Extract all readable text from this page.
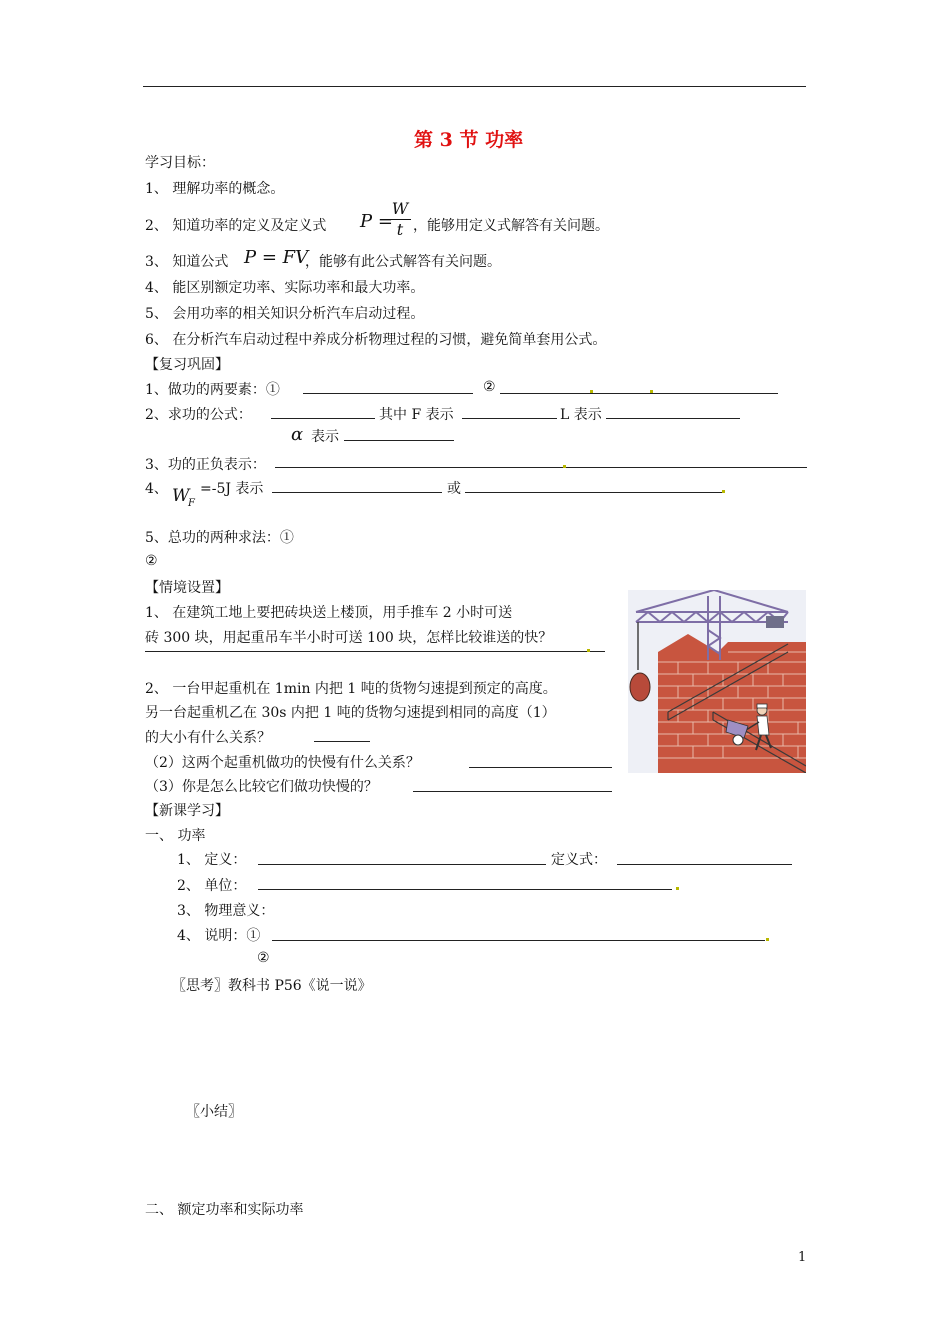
第 3 节 功率
学习目标：
1、 理解功率的概念。
2、 知道功率的定义及定义式 P =
W
t ，能够用定义式解答有关问题。
3、 知道公式 P = FV
，能够有此公式解答有关问题。
4、 能区别额定功率、实际功率和最大功率。
5、 会用功率的相关知识分析汽车启动过程。
6、 在分析汽车启动过程中养成分析物理过程的习惯，避免简单套用公式。
【复习巩固】
1、做功的两要素：①	②
2、求功的公式：	其中 F 表示	L 表示
α 表示
3、功的正负表示：
4、 W
F
=-5J 表示	或
5、总功的两种求法：①
②
【情境设置】
1、 在建筑工地上要把砖块送上楼顶，用手推车 2 小时可送
砖 300 块，用起重吊车半小时可送 100 块，怎样比较谁送的快？
2、 一台甲起重机在 1min 内把 1 吨的货物匀速提到预定的高度。
另一台起重机乙在 30s 内把 1 吨的货物匀速提到相同的高度（1）
的大小有什么关系？
（2）这两个起重机做功的快慢有什么关系？
（3）你是怎么比较它们做功快慢的？
【新课学习】
一、 功率
1、 定义：	定义式：
2、 单位：
3、 物理意义：
4、 说明：①
②
〖思考〗教科书 P56《说一说》
〖小结〗
二、 额定功率和实际功率
1
